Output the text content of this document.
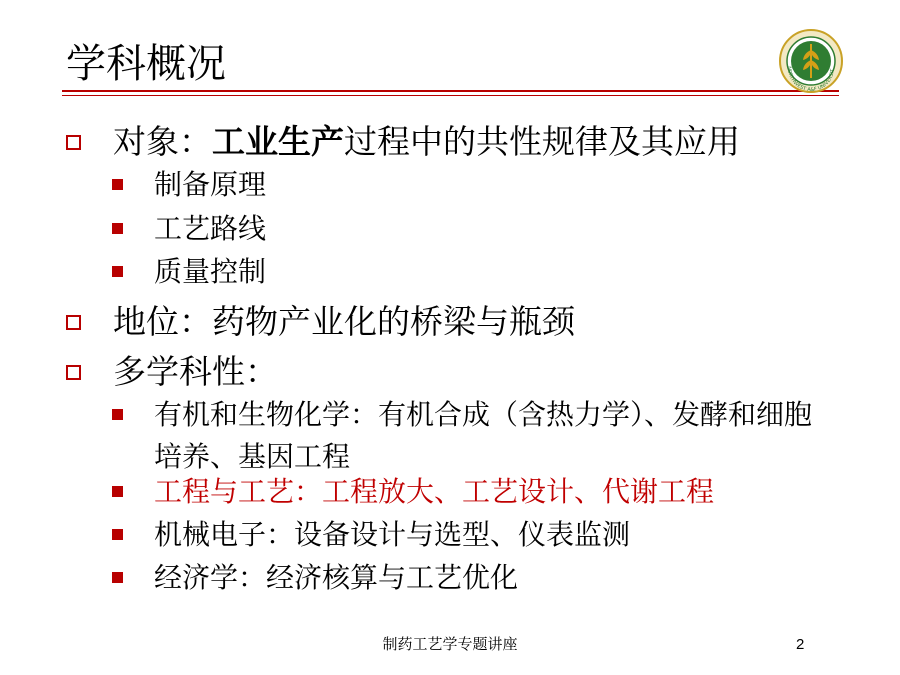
学科概况	NORTHWEST A&F UNIVERSIT
对象： 工业生产 过程中的共性规律及其应用
制备原理
工艺路线
质量控制
地位：药物产业化的桥梁与瓶颈
多学科性：
有机和生物化学：有机合成（含热力学）、发酵和细胞培养、基因工程
工程与工艺：工程放大、工艺设计、代谢工程
机械电子：设备设计与选型、仪表监测
经济学：经济核算与工艺优化
制药工艺学专题讲座	2
